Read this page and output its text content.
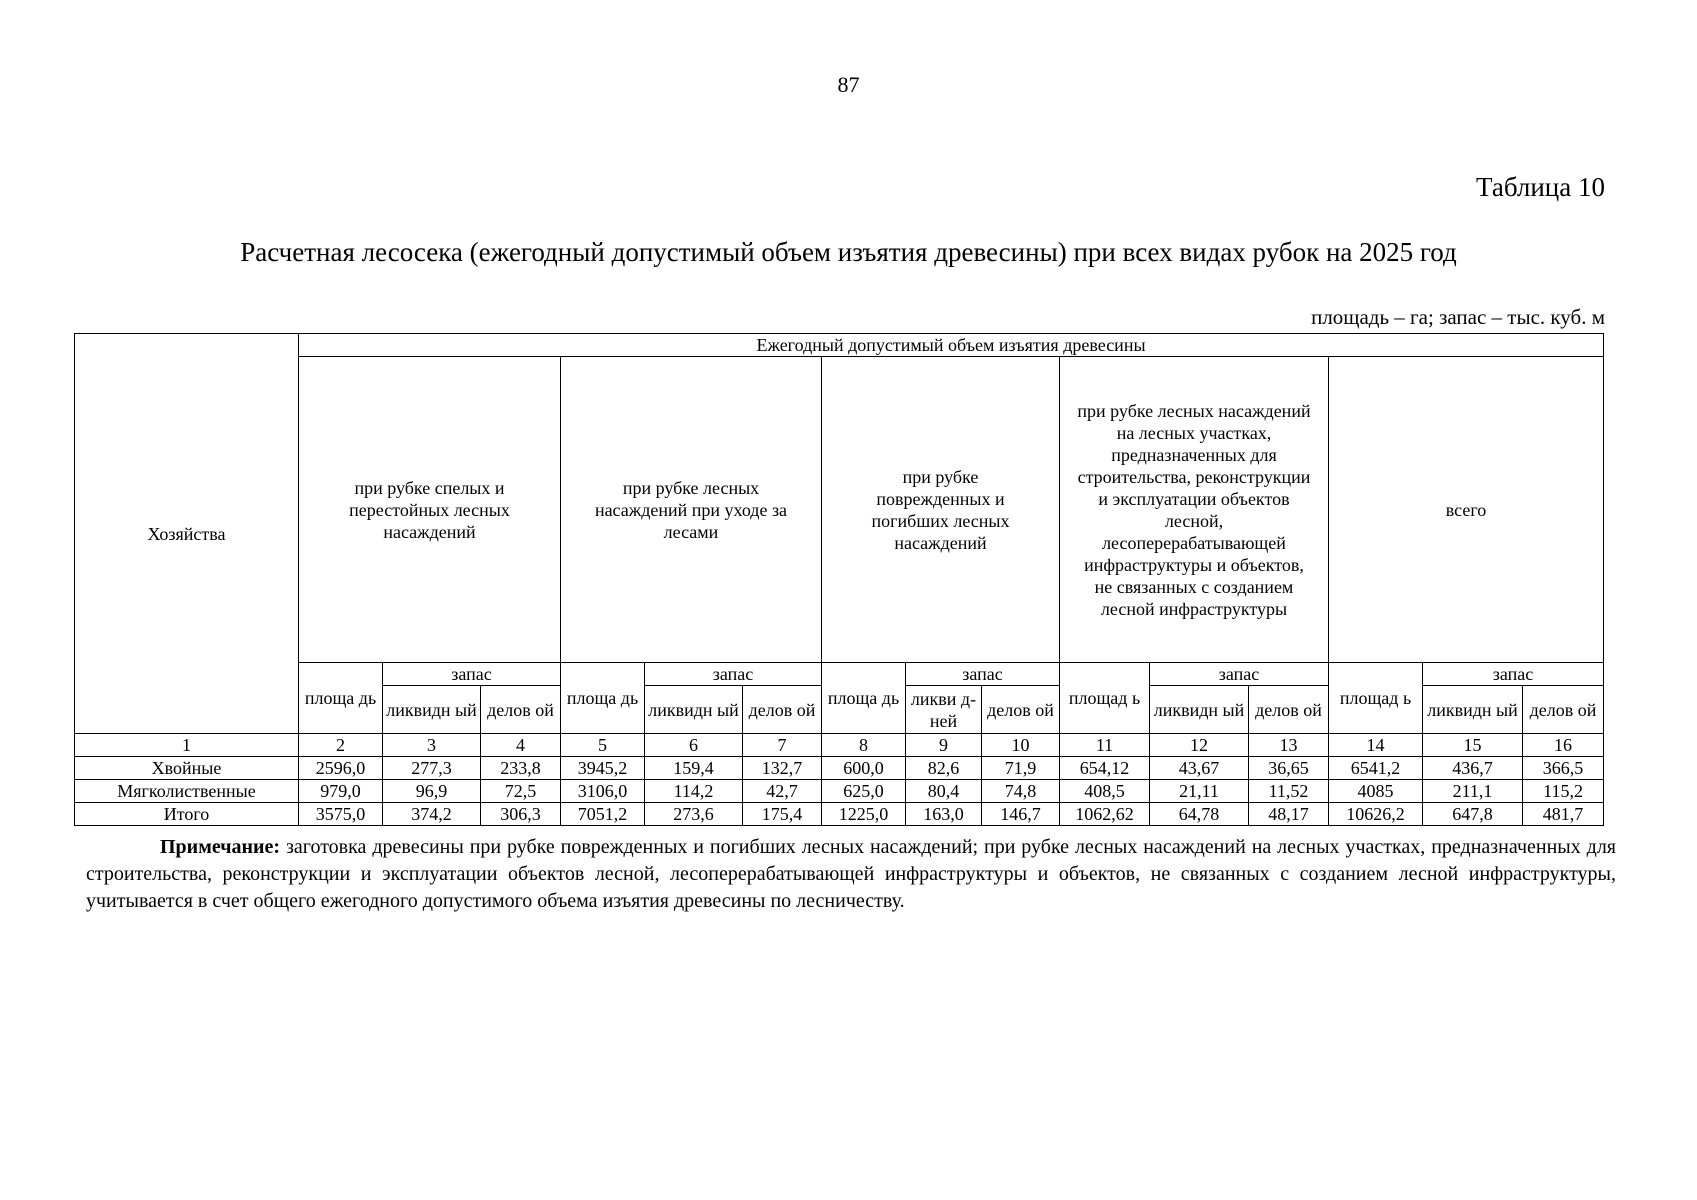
87
Таблица 10
Расчетная лесосека (ежегодный допустимый объем изъятия древесины) при всех видах рубок на 2025 год
площадь – га; запас – тыс. куб. м
Хозяйства	Ежегодный допустимый объем изъятия древесины														
	при рубке спелых и перестойных лесных насаждений			при рубке лесных насаждений при уходе за лесами			при рубке поврежденных и погибших лесных насаждений			при рубке лесных насаждений на лесных участках, предназначенных для строительства, реконструкции и эксплуатации объектов лесной, лесоперерабатывающей инфраструктуры и объектов, не связанных с созданием лесной инфраструктуры			всего		
	площа дь	запас		площа дь	запас		площа дь	запас		площад ь	запас		площад ь	запас	
		ликвидн ый	делов ой		ликвидн ый	делов ой		ликви д-ней	делов ой		ликвидн ый	делов ой		ликвидн ый	делов ой
1	2	3	4	5	6	7	8	9	10	11	12	13	14	15	16
Хвойные	2596,0	277,3	233,8	3945,2	159,4	132,7	600,0	82,6	71,9	654,12	43,67	36,65	6541,2	436,7	366,5
Мягколиственные	979,0	96,9	72,5	3106,0	114,2	42,7	625,0	80,4	74,8	408,5	21,11	11,52	4085	211,1	115,2
Итого	3575,0	374,2	306,3	7051,2	273,6	175,4	1225,0	163,0	146,7	1062,62	64,78	48,17	10626,2	647,8	481,7
Примечание: заготовка древесины при рубке поврежденных и погибших лесных насаждений; при рубке лесных насаждений на лесных участках, предназначенных для строительства, реконструкции и эксплуатации объектов лесной, лесоперерабатывающей инфраструктуры и объектов, не связанных с созданием лесной инфраструктуры, учитывается в счет общего ежегодного допустимого объема изъятия древесины по лесничеству.
